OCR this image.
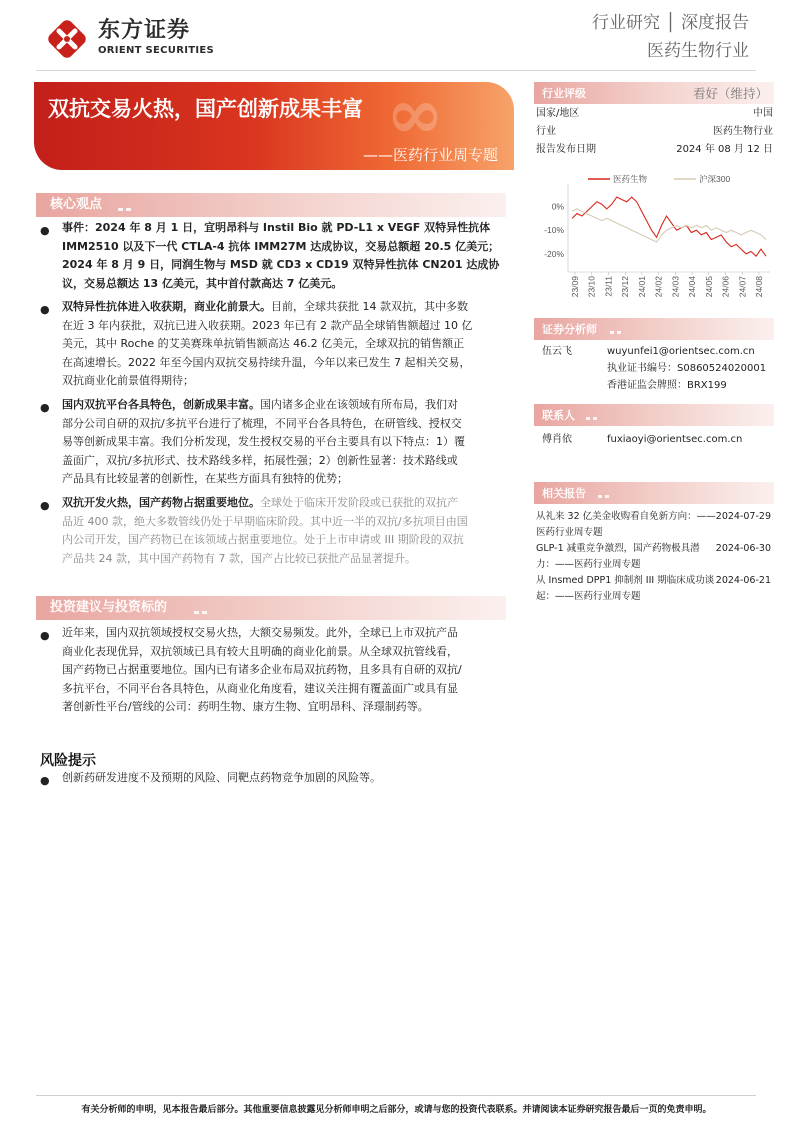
东方证券
ORIENT SECURITIES
行业研究 │ 深度报告
医药生物行业
∞
双抗交易火热，国产创新成果丰富
——医药行业周专题
核心观点
● 事件：2024 年 8 月 1 日，宜明昂科与 Instil Bio 就 PD-L1 x VEGF 双特异性抗体
IMM2510 以及下一代 CTLA-4 抗体 IMM27M 达成协议，交易总额超 20.5 亿美元；
2024 年 8 月 9 日，同润生物与 MSD 就 CD3 x CD19 双特异性抗体 CN201 达成协
议，交易总额达 13 亿美元，其中首付款高达 7 亿美元。
● 双特异性抗体进入收获期，商业化前景大。目前，全球共获批 14 款双抗，其中多数
在近 3 年内获批，双抗已进入收获期。2023 年已有 2 款产品全球销售额超过 10 亿
美元，其中 Roche 的艾美赛珠单抗销售额高达 46.2 亿美元，全球双抗的销售额正
在高速增长。2022 年至今国内双抗交易持续升温，今年以来已发生 7 起相关交易，
双抗商业化前景值得期待；
● 国内双抗平台各具特色，创新成果丰富。国内诸多企业在该领域有所布局，我们对
部分公司自研的双抗/多抗平台进行了梳理，不同平台各具特色，在研管线、授权交
易等创新成果丰富。我们分析发现，发生授权交易的平台主要具有以下特点：1）覆
盖面广，双抗/多抗形式、技术路线多样，拓展性强；2）创新性显著：技术路线或
产品具有比较显著的创新性，在某些方面具有独特的优势；
● 双抗开发火热，国产药物占据重要地位。全球处于临床开发阶段或已获批的双抗产
品近 400 款，绝大多数管线仍处于早期临床阶段。其中近一半的双抗/多抗项目由国
内公司开发，国产药物已在该领域占据重要地位。处于上市申请或 III 期阶段的双抗
产品共 24 款，其中国产药物有 7 款，国产占比较已获批产品显著提升。
投资建议与投资标的
● 近年来，国内双抗领域授权交易火热，大额交易频发。此外，全球已上市双抗产品
商业化表现优异，双抗领域已具有较大且明确的商业化前景。从全球双抗管线看，
国产药物已占据重要地位。国内已有诸多企业布局双抗药物，且多具有自研的双抗/
多抗平台，不同平台各具特色，从商业化角度看，建议关注拥有覆盖面广或具有显
著创新性平台/管线的公司：药明生物、康方生物、宜明昂科、泽璟制药等。
风险提示
● 创新药研发进度不及预期的风险、同靶点药物竞争加剧的风险等。
行业评级	看好（维持）
国家/地区	中国
行业	医药生物行业
报告发布日期	2024 年 08 月 12 日
医药生物	沪深300
0%
-10%
-20%
23/09 23/10 23/11 23/12 24/01 24/02 24/03 24/04 24/05 24/06 24/07 24/08
证券分析师
伍云飞	wuyunfei1@orientsec.com.cn
执业证书编号：S0860524020001
香港证监会牌照：BRX199
联系人
傅肖依	fuxiaoyi@orientsec.com.cn
相关报告
从礼来 32 亿美金收购看自免新方向：——
医药行业周专题
2024-07-29
GLP-1 减重竞争激烈，国产药物极具潜
力：——医药行业周专题
2024-06-30
从 Insmed DPP1 抑制剂 III 期临床成功谈
起：——医药行业周专题
2024-06-21
有关分析师的申明，见本报告最后部分。其他重要信息披露见分析师申明之后部分，或请与您的投资代表联系。并请阅读本证券研究报告最后一页的免责申明。
